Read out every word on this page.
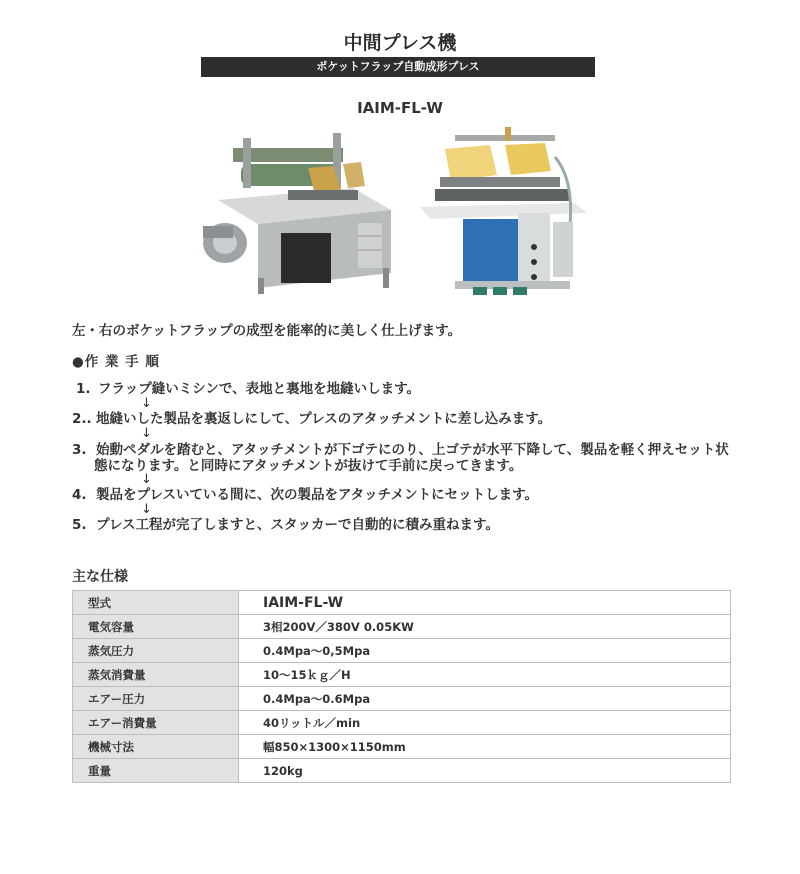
中間プレス機
ポケットフラップ自動成形プレス
IAIM-FL-W
左・右のボケットフラップの成型を能率的に美しく仕上げます。
●作 業 手 順
1. フラップ縫いミシンで、表地と裏地を地縫いします。
↓
2.. 地縫いした製品を裏返しにして、プレスのアタッチメントに差し込みます。
↓
3. 始動ペダルを踏むと、アタッチメントが下ゴテにのり、上ゴテが水平下降して、製品を軽く押えセット状態になります。と同時にアタッチメントが抜けて手前に戻ってきます。
↓
4. 製品をプレスいている間に、次の製品をアタッチメントにセットします。
↓
5. プレス工程が完了しますと、スタッカーで自動的に積み重ねます。
主な仕様
型式	IAIM-FL-W
電気容量	3相200V／380V 0.05KW
蒸気圧力	0.4Mpa～0,5Mpa
蒸気消費量	10～15ｋｇ／H
エアー圧力	0.4Mpa～0.6Mpa
エアー消費量	40リットル／min
機械寸法	幅850×1300×1150mm
重量	120kg
